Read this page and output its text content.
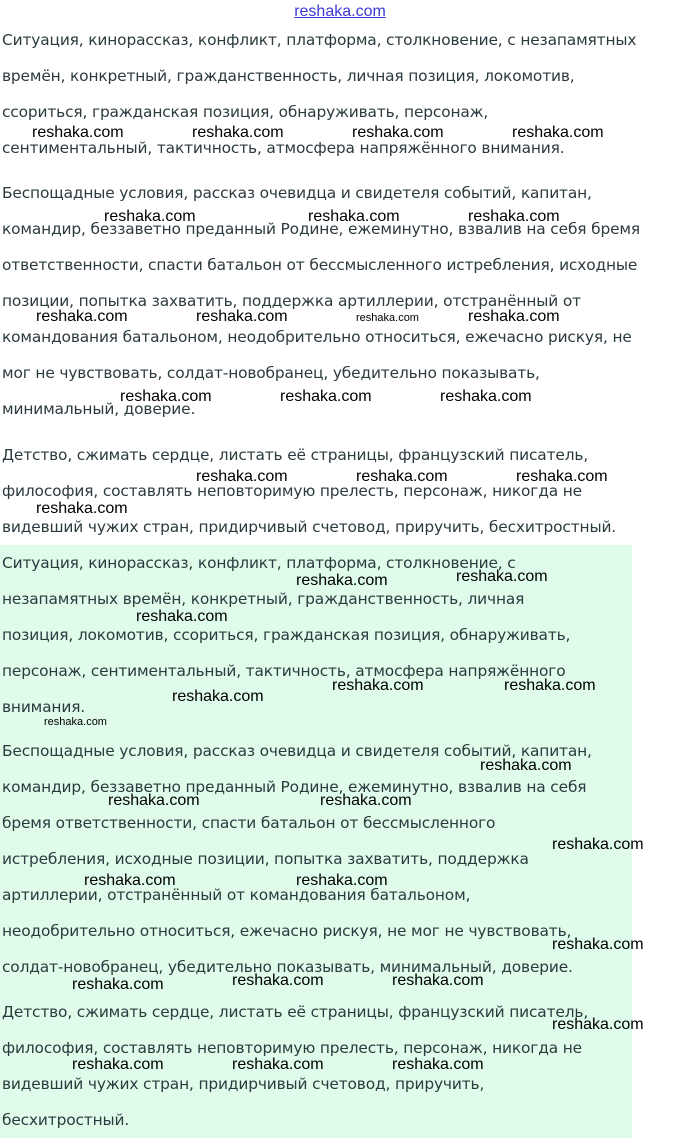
reshaka.com

Ситуация, кинорассказ, конфликт, платформа, столкновение, с незапамятных

времён, конкретный, гражданственность, личная позиция, локомотив,

ссориться, гражданская позиция, обнаруживать, персонаж,

сентиментальный, тактичность, атмосфера напряжённого внимания.

Беспощадные условия, рассказ очевидца и свидетеля событий, капитан,

командир, беззаветно преданный Родине, ежеминутно, взвалив на себя бремя

ответственности, спасти батальон от бессмысленного истребления, исходные

позиции, попытка захватить, поддержка артиллерии, отстранённый от

командования батальоном, неодобрительно относиться, ежечасно рискуя, не

мог не чувствовать, солдат-новобранец, убедительно показывать,

минимальный, доверие.

Детство, сжимать сердце, листать её страницы, французский писатель,

философия, составлять неповторимую прелесть, персонаж, никогда не

видевший чужих стран, придирчивый счетовод, приручить, бесхитростный.

Ситуация, кинорассказ, конфликт, платформа, столкновение, с

незапамятных времён, конкретный, гражданственность, личная

позиция, локомотив, ссориться, гражданская позиция, обнаруживать,

персонаж, сентиментальный, тактичность, атмосфера напряжённого

внимания.

Беспощадные условия, рассказ очевидца и свидетеля событий, капитан,

командир, беззаветно преданный Родине, ежеминутно, взвалив на себя

бремя ответственности, спасти батальон от бессмысленного

истребления, исходные позиции, попытка захватить, поддержка

артиллерии, отстранённый от командования батальоном,

неодобрительно относиться, ежечасно рискуя, не мог не чувствовать,

солдат-новобранец, убедительно показывать, минимальный, доверие.

Детство, сжимать сердце, листать её страницы, французский писатель,

философия, составлять неповторимую прелесть, персонаж, никогда не

видевший чужих стран, придирчивый счетовод, приручить,

бесхитростный.

reshaka.com	reshaka.com	reshaka.com	reshaka.com
reshaka.com	reshaka.com	reshaka.com
reshaka.com	reshaka.com	reshaka.com
reshaka.com	reshaka.com	reshaka.com
reshaka.com	reshaka.com	reshaka.com
reshaka.com
reshaka.com	reshaka.com
reshaka.com
reshaka.com	reshaka.com
reshaka.com
reshaka.com
reshaka.com	reshaka.com
reshaka.com
reshaka.com	reshaka.com
reshaka.com
reshaka.com	reshaka.com	reshaka.com
reshaka.com
reshaka.com	reshaka.com	reshaka.com
reshaka.com
reshaka.com
